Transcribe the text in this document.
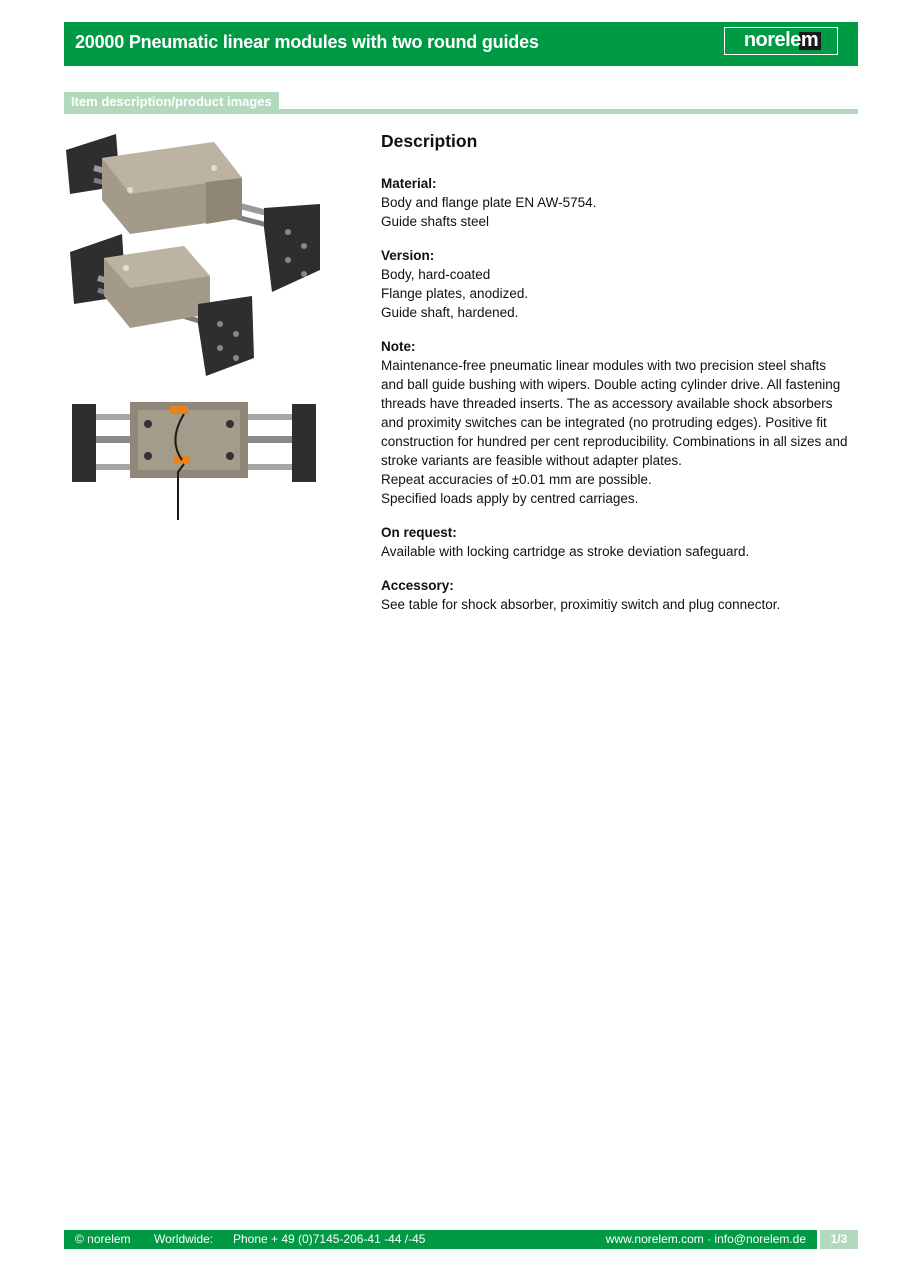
20000 Pneumatic linear modules with two round guides	norelem
Item description/product images
Description
Material:
Body and flange plate EN AW-5754.
Guide shafts steel
Version:
Body, hard-coated
Flange plates, anodized.
Guide shaft, hardened.
Note:
Maintenance-free pneumatic linear modules with two precision steel shafts and ball guide bushing with wipers. Double acting cylinder drive. All fastening threads have threaded inserts. The as accessory available shock absorbers and proximity switches can be integrated (no protruding edges). Positive fit construction for hundred per cent reproducibility. Combinations in all sizes and stroke variants are feasible without adapter plates.
Repeat accuracies of ±0.01 mm are possible.
Specified loads apply by centred carriages.
On request:
Available with locking cartridge as stroke deviation safeguard.
Accessory:
See table for shock absorber, proximitiy switch and plug connector.
© norelem Worldwide: Phone + 49 (0)7145-206-41 -44 /-45	www.norelem.com · info@norelem.de	1/3
